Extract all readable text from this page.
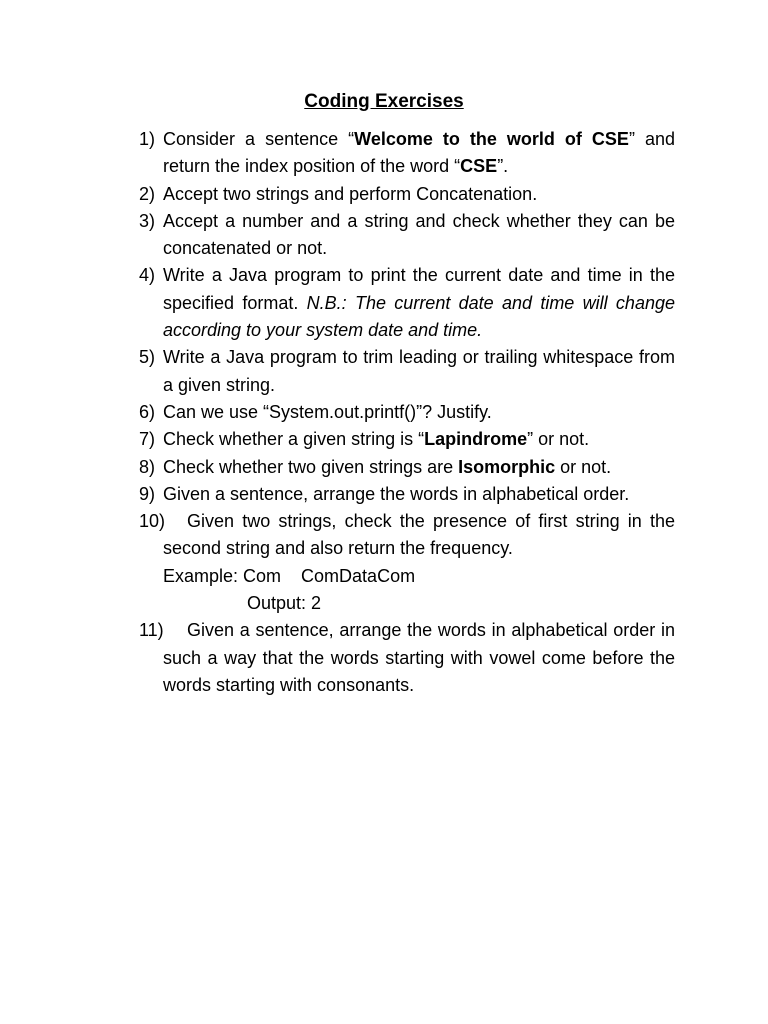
Coding Exercises
1) Consider a sentence “Welcome to the world of CSE” and return the index position of the word “CSE”.
2) Accept two strings and perform Concatenation.
3) Accept a number and a string and check whether they can be concatenated or not.
4) Write a Java program to print the current date and time in the specified format. N.B.: The current date and time will change according to your system date and time.
5) Write a Java program to trim leading or trailing whitespace from a given string.
6) Can we use “System.out.printf()”? Justify.
7) Check whether a given string is “Lapindrome” or not.
8) Check whether two given strings are Isomorphic or not.
9) Given a sentence, arrange the words in alphabetical order.
10) Given two strings, check the presence of first string in the second string and also return the frequency.
Example: Com    ComDataCom
Output: 2
11) Given a sentence, arrange the words in alphabetical order in such a way that the words starting with vowel come before the words starting with consonants.
